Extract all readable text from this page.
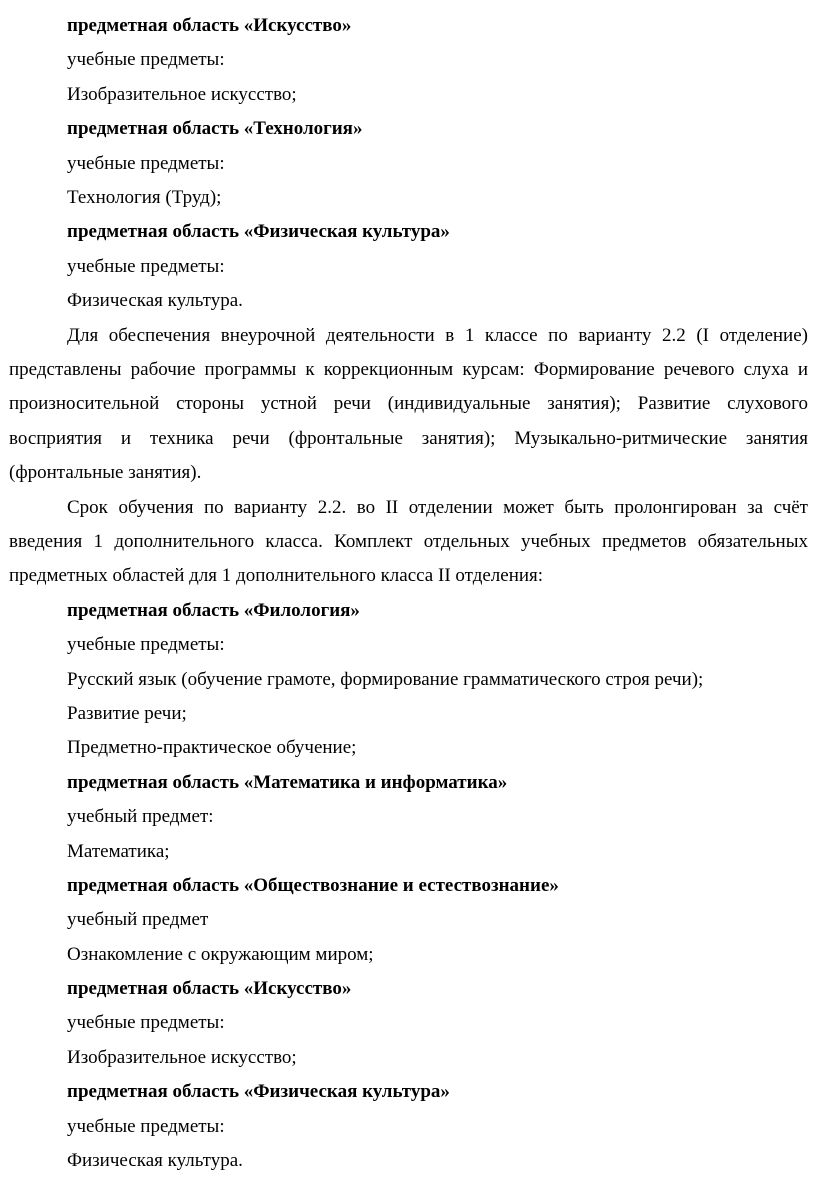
предметная область «Искусство»

учебные предметы:

Изобразительное искусство;

предметная область «Технология»

учебные предметы:

Технология (Труд);

предметная область «Физическая культура»

учебные предметы:

Физическая культура.

Для обеспечения внеурочной деятельности в 1 классе по варианту 2.2 (I отделение) представлены рабочие программы к коррекционным курсам: Формирование речевого слуха и произносительной стороны устной речи (индивидуальные занятия); Развитие слухового восприятия и техника речи (фронтальные занятия); Музыкально-ритмические занятия (фронтальные занятия).

Срок обучения по варианту 2.2. во II отделении может быть пролонгирован за счёт введения 1 дополнительного класса. Комплект отдельных учебных предметов обязательных предметных областей для 1 дополнительного класса II отделения:

предметная область «Филология»

учебные предметы:

Русский язык (обучение грамоте, формирование грамматического строя речи);

Развитие речи;

Предметно-практическое обучение;

предметная область «Математика и информатика»

учебный предмет:

Математика;

предметная область «Обществознание и естествознание»

учебный предмет

Ознакомление с окружающим миром;

предметная область «Искусство»

учебные предметы:

Изобразительное искусство;

предметная область «Физическая культура»

учебные предметы:

Физическая культура.
